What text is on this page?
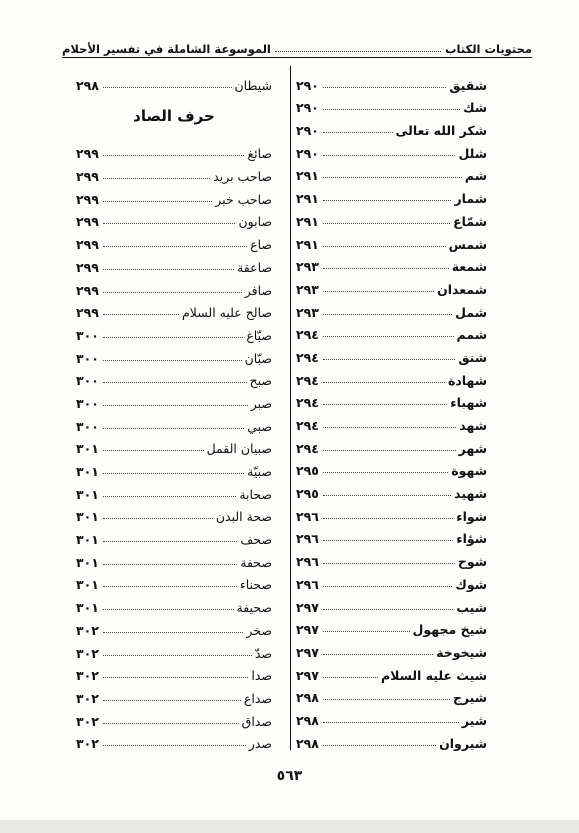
محتويات الكتاب
الموسوعة الشاملة في تفسير الأحلام
شقيق
٢٩٠
شك
٢٩٠
شكر الله تعالى
٢٩٠
شلل
٢٩٠
شم
٢٩١
شمار
٢٩١
شمّاع
٢٩١
شمس
٢٩١
شمعة
٢٩٣
شمعدان
٢٩٣
شمل
٢٩٣
شمم
٢٩٤
شنق
٢٩٤
شهادة
٢٩٤
شهباء
٢٩٤
شهد
٢٩٤
شهر
٢٩٤
شهوة
٢٩٥
شهيد
٢٩٥
شواء
٢٩٦
شؤاء
٢٩٦
شوح
٢٩٦
شوك
٢٩٦
شيب
٢٩٧
شيخ مجهول
٢٩٧
شيخوخة
٢٩٧
شيث عليه السلام
٢٩٧
شيرج
٢٩٨
شير
٢٩٨
شيروان
٢٩٨
شيطان
٢٩٨
حرف الصاد
صائغ
٢٩٩
صاحب بريد
٢٩٩
صاحب خبر
٢٩٩
صابون
٢٩٩
صاع
٢٩٩
صاعقة
٢٩٩
صافر
٢٩٩
صالح عليه السلام
٢٩٩
صبّاغ
٣٠٠
صبّان
٣٠٠
صبح
٣٠٠
صبر
٣٠٠
صبي
٣٠٠
صبيان القمل
٣٠١
صبيّة
٣٠١
صحابة
٣٠١
صحة البدن
٣٠١
صحف
٣٠١
صحفة
٣٠١
صحناء
٣٠١
صحيفة
٣٠١
صخر
٣٠٢
صدّ
٣٠٢
صدا
٣٠٢
صداع
٣٠٢
صداق
٣٠٢
صدر
٣٠٢
٥٦٣
